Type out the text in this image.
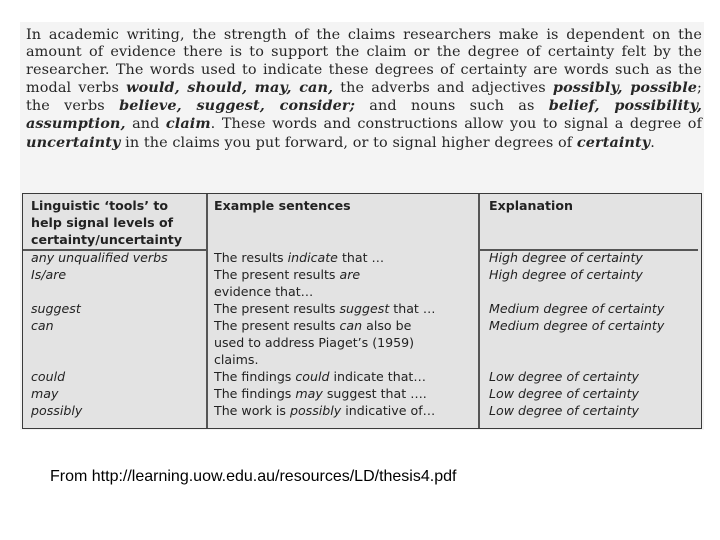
In academic writing, the strength of the claims researchers make is dependent on the amount of evidence there is to support the claim or the degree of certainty felt by the researcher. The words used to indicate these degrees of certainty are words such as the modal verbs would, should, may, can, the adverbs and adjectives possibly, possible; the verbs believe, suggest, consider; and nouns such as belief, possibility, assumption, and claim. These words and constructions allow you to signal a degree of uncertainty in the claims you put forward, or to signal higher degrees of certainty.
Linguistic ‘tools’ to help signal levels of certainty/uncertainty
Example sentences	Explanation
any unqualified verbs
Is/are
suggest
can
could
may
possibly
The results indicate that …
The present results are
evidence that…
The present results suggest that …
The present results can also be
used to address Piaget’s (1959)
claims.
The findings could indicate that…
The findings may suggest that ….
The work is possibly indicative of…
High degree of certainty
High degree of certainty
Medium degree of certainty
Medium degree of certainty
Low degree of certainty
Low degree of certainty
Low degree of certainty
From http://learning.uow.edu.au/resources/LD/thesis4.pdf
